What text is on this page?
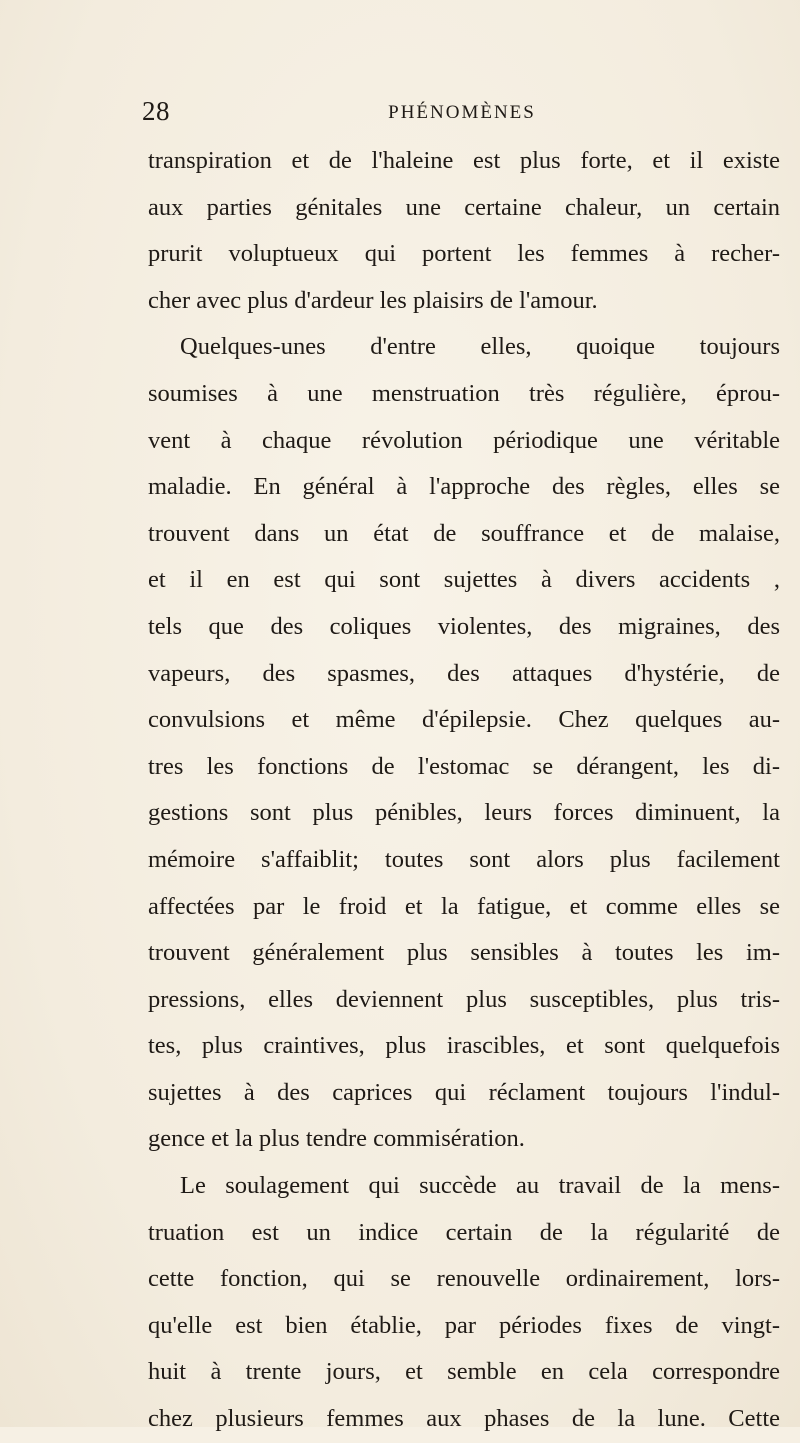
28	PHÉNOMÈNES
transpiration et de l'haleine est plus forte, et il existe
aux parties génitales une certaine chaleur, un certain
prurit voluptueux qui portent les femmes à recher-
cher avec plus d'ardeur les plaisirs de l'amour.
Quelques-unes d'entre elles, quoique toujours
soumises à une menstruation très régulière, éprou-
vent à chaque révolution périodique une véritable
maladie. En général à l'approche des règles, elles se
trouvent dans un état de souffrance et de malaise,
et il en est qui sont sujettes à divers accidents ,
tels que des coliques violentes, des migraines, des
vapeurs, des spasmes, des attaques d'hystérie, de
convulsions et même d'épilepsie. Chez quelques au-
tres les fonctions de l'estomac se dérangent, les di-
gestions sont plus pénibles, leurs forces diminuent, la
mémoire s'affaiblit; toutes sont alors plus facilement
affectées par le froid et la fatigue, et comme elles se
trouvent généralement plus sensibles à toutes les im-
pressions, elles deviennent plus susceptibles, plus tris-
tes, plus craintives, plus irascibles, et sont quelquefois
sujettes à des caprices qui réclament toujours l'indul-
gence et la plus tendre commisération.
Le soulagement qui succède au travail de la mens-
truation est un indice certain de la régularité de
cette fonction, qui se renouvelle ordinairement, lors-
qu'elle est bien établie, par périodes fixes de vingt-
huit à trente jours, et semble en cela correspondre
chez plusieurs femmes aux phases de la lune. Cette
